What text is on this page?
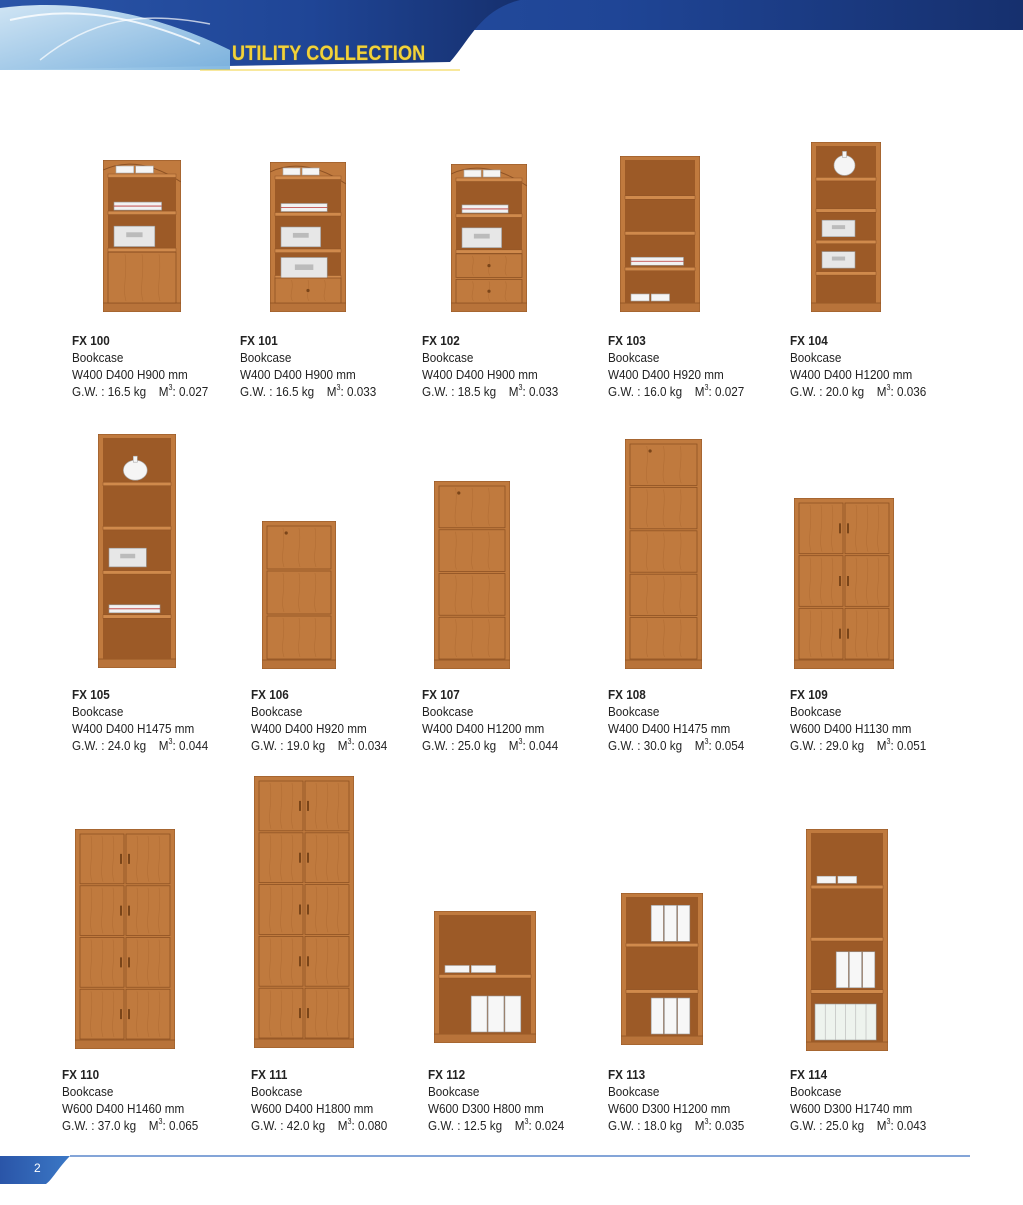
UTILITY COLLECTION
FX 100
Bookcase
W400 D400 H900 mm
G.W. : 16.5 kg $M^3$: 0.027
FX 101
Bookcase
W400 D400 H900 mm
G.W. : 16.5 kg $M^3$: 0.033
FX 102
Bookcase
W400 D400 H900 mm
G.W. : 18.5 kg $M^3$: 0.033
FX 103
Bookcase
W400 D400 H920 mm
G.W. : 16.0 kg $M^3$: 0.027
FX 104
Bookcase
W400 D400 H1200 mm
G.W. : 20.0 kg $M^3$: 0.036
FX 105
Bookcase
W400 D400 H1475 mm
G.W. : 24.0 kg $M^3$: 0.044
FX 106
Bookcase
W400 D400 H920 mm
G.W. : 19.0 kg $M^3$: 0.034
FX 107
Bookcase
W400 D400 H1200 mm
G.W. : 25.0 kg $M^3$: 0.044
FX 108
Bookcase
W400 D400 H1475 mm
G.W. : 30.0 kg $M^3$: 0.054
FX 109
Bookcase
W600 D400 H1130 mm
G.W. : 29.0 kg $M^3$: 0.051
FX 110
Bookcase
W600 D400 H1460 mm
G.W. : 37.0 kg $M^3$: 0.065
FX 111
Bookcase
W600 D400 H1800 mm
G.W. : 42.0 kg $M^3$: 0.080
FX 112
Bookcase
W600 D300 H800 mm
G.W. : 12.5 kg $M^3$: 0.024
FX 113
Bookcase
W600 D300 H1200 mm
G.W. : 18.0 kg $M^3$: 0.035
FX 114
Bookcase
W600 D300 H1740 mm
G.W. : 25.0 kg $M^3$: 0.043
2
